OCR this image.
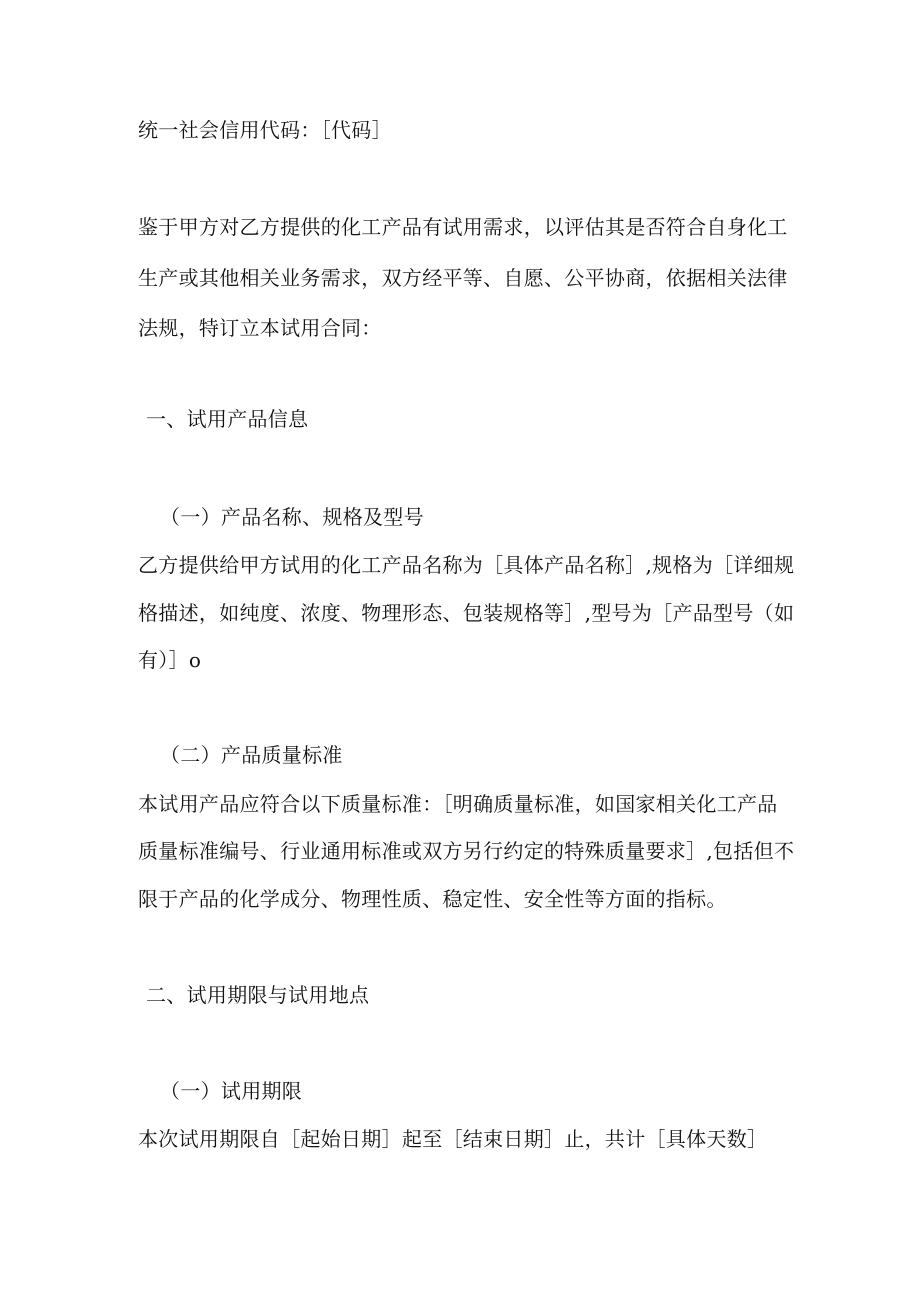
统一社会信用代码：［代码］
鉴于甲方对乙方提供的化工产品有试用需求，以评估其是否符合自身化工
生产或其他相关业务需求，双方经平等、自愿、公平协商，依据相关法律
法规，特订立本试用合同：
一、试用产品信息
（一）产品名称、规格及型号
乙方提供给甲方试用的化工产品名称为［具体产品名称］,规格为［详细规
格描述，如纯度、浓度、物理形态、包装规格等］,型号为［产品型号（如
有）］o
（二）产品质量标准
本试用产品应符合以下质量标准：［明确质量标准，如国家相关化工产品
质量标准编号、行业通用标准或双方另行约定的特殊质量要求］,包括但不
限于产品的化学成分、物理性质、稳定性、安全性等方面的指标。
二、试用期限与试用地点
（一）试用期限
本次试用期限自［起始日期］起至［结束日期］止，共计［具体天数］
